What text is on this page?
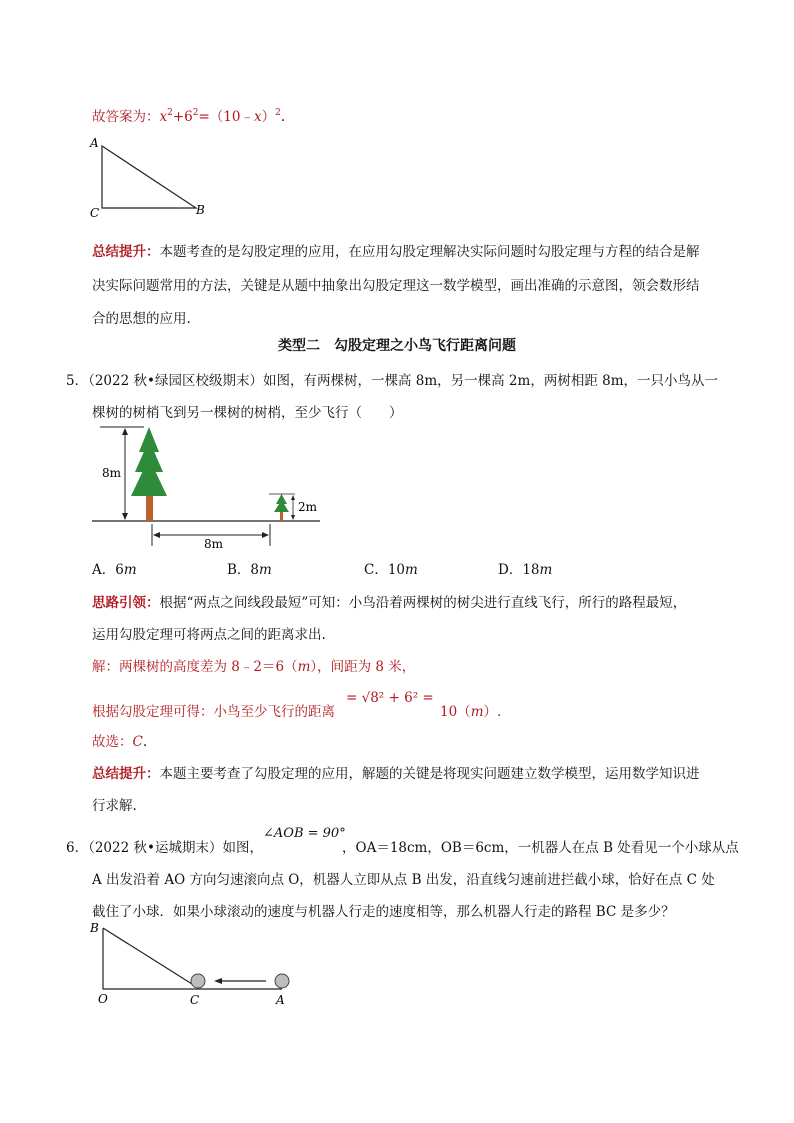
故答案为：$x^2+6^2=(10﹣x)^2$.
A
C	B
总结提升：本题考查的是勾股定理的应用，在应用勾股定理解决实际问题时勾股定理与方程的结合是解
决实际问题常用的方法，关键是从题中抽象出勾股定理这一数学模型，画出准确的示意图，领会数形结
合的思想的应用.
类型二　勾股定理之小鸟飞行距离问题
5．（2022 秋•绿园区校级期末）如图，有两棵树，一棵高 8m，另一棵高 2m，两树相距 8m，一只小鸟从一
棵树的树梢飞到另一棵树的树梢，至少飞行（　　）
8m
2m
8m
A．6m	B．8m	C．10m	D．18m
思路引领：根据“两点之间线段最短”可知：小鸟沿着两棵树的树尖进行直线飞行，所行的路程最短，
运用勾股定理可将两点之间的距离求出.
解：两棵树的高度差为 8﹣2＝6（m），间距为 8 米，
根据勾股定理可得：小鸟至少飞行的距离
= √8² + 6² =
10（m）.
故选：C.
总结提升：本题主要考查了勾股定理的应用，解题的关键是将现实问题建立数学模型，运用数学知识进
行求解.
6．（2022 秋•运城期末）如图，
∠AOB = 90°
，OA＝18cm，OB＝6cm，一机器人在点 B 处看见一个小球从点
A 出发沿着 AO 方向匀速滚向点 O，机器人立即从点 B 出发，沿直线匀速前进拦截小球，恰好在点 C 处
截住了小球．如果小球滚动的速度与机器人行走的速度相等，那么机器人行走的路程 BC 是多少？
B
O	C	A
